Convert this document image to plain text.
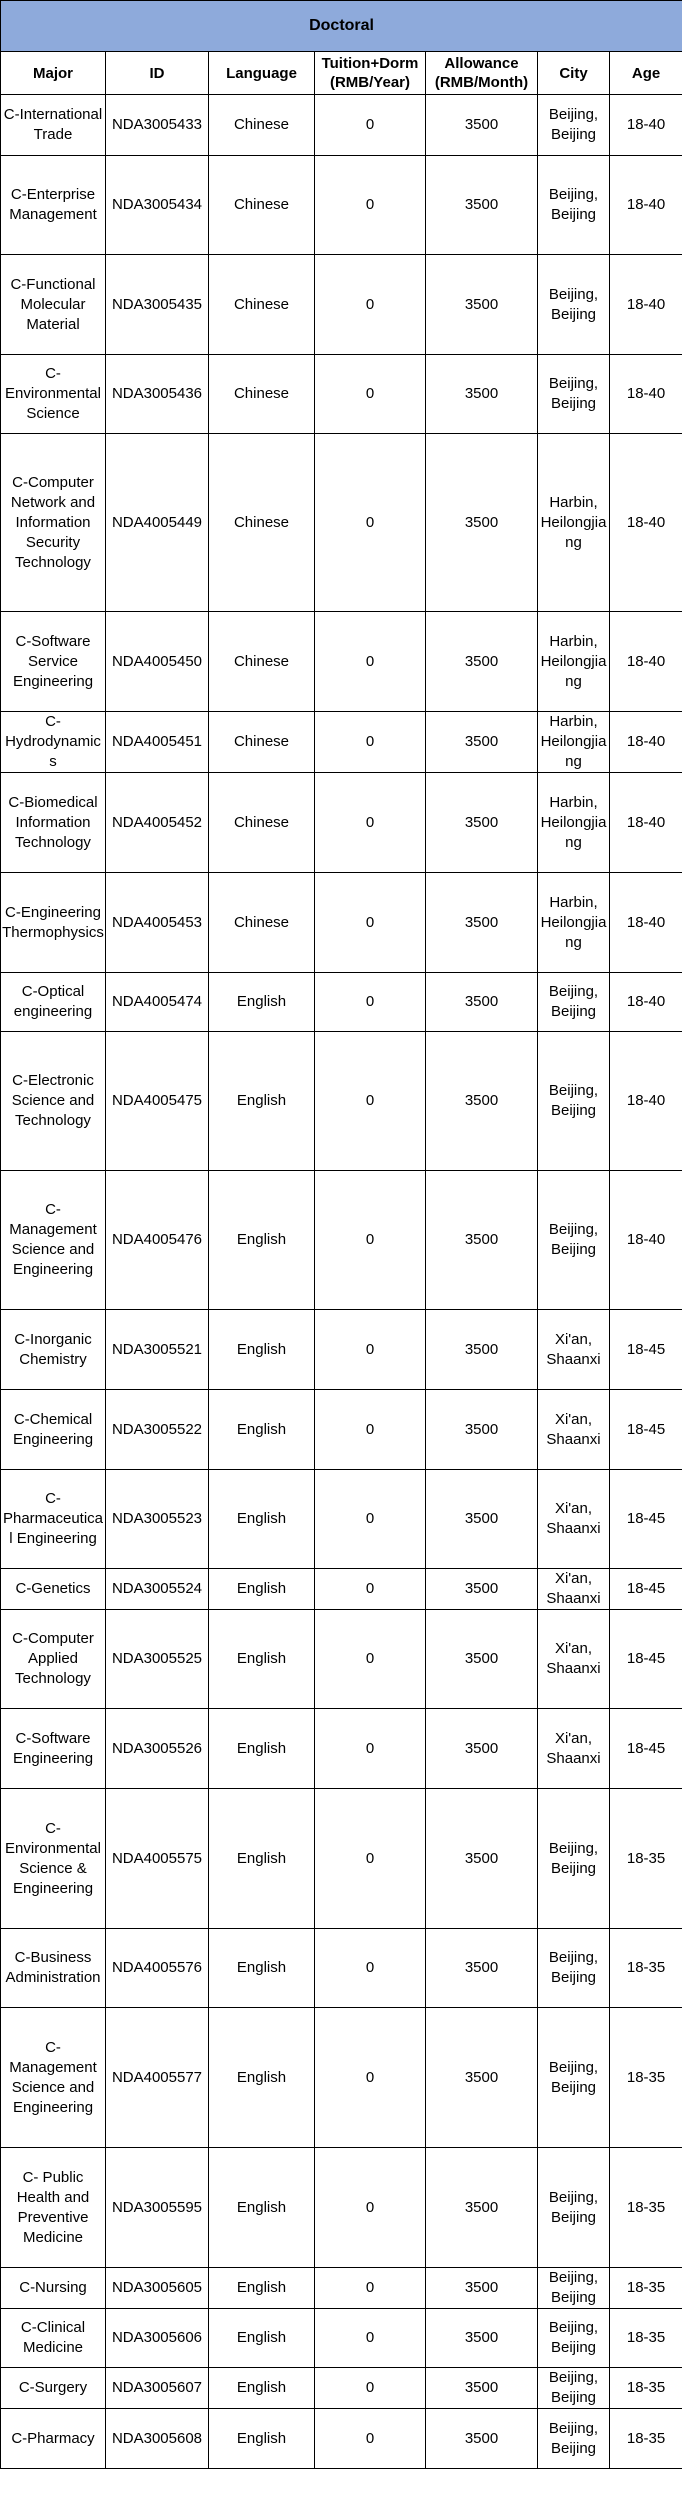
Doctoral						
Major	ID	Language	Tuition+Dorm (RMB/Year)	Allowance (RMB/Month)	City	Age
C-International Trade	NDA3005433	Chinese	0	3500	Beijing, Beijing	18-40
C-Enterprise Management	NDA3005434	Chinese	0	3500	Beijing, Beijing	18-40
C-Functional Molecular Material	NDA3005435	Chinese	0	3500	Beijing, Beijing	18-40
C-Environmental Science	NDA3005436	Chinese	0	3500	Beijing, Beijing	18-40
C-Computer Network and Information Security Technology	NDA4005449	Chinese	0	3500	Harbin, Heilongjiang	18-40
C-Software Service Engineering	NDA4005450	Chinese	0	3500	Harbin, Heilongjiang	18-40
C-Hydrodynamics	NDA4005451	Chinese	0	3500	Harbin, Heilongjiang	18-40
C-Biomedical Information Technology	NDA4005452	Chinese	0	3500	Harbin, Heilongjiang	18-40
C-Engineering Thermophysics	NDA4005453	Chinese	0	3500	Harbin, Heilongjiang	18-40
C-Optical engineering	NDA4005474	English	0	3500	Beijing, Beijing	18-40
C-Electronic Science and Technology	NDA4005475	English	0	3500	Beijing, Beijing	18-40
C-Management Science and Engineering	NDA4005476	English	0	3500	Beijing, Beijing	18-40
C-Inorganic Chemistry	NDA3005521	English	0	3500	Xi'an, Shaanxi	18-45
C-Chemical Engineering	NDA3005522	English	0	3500	Xi'an, Shaanxi	18-45
C-Pharmaceutical Engineering	NDA3005523	English	0	3500	Xi'an, Shaanxi	18-45
C-Genetics	NDA3005524	English	0	3500	Xi'an, Shaanxi	18-45
C-Computer Applied Technology	NDA3005525	English	0	3500	Xi'an, Shaanxi	18-45
C-Software Engineering	NDA3005526	English	0	3500	Xi'an, Shaanxi	18-45
C-Environmental Science & Engineering	NDA4005575	English	0	3500	Beijing, Beijing	18-35
C-Business Administration	NDA4005576	English	0	3500	Beijing, Beijing	18-35
C-Management Science and Engineering	NDA4005577	English	0	3500	Beijing, Beijing	18-35
C- Public Health and Preventive Medicine	NDA3005595	English	0	3500	Beijing, Beijing	18-35
C-Nursing	NDA3005605	English	0	3500	Beijing, Beijing	18-35
C-Clinical Medicine	NDA3005606	English	0	3500	Beijing, Beijing	18-35
C-Surgery	NDA3005607	English	0	3500	Beijing, Beijing	18-35
C-Pharmacy	NDA3005608	English	0	3500	Beijing, Beijing	18-35
